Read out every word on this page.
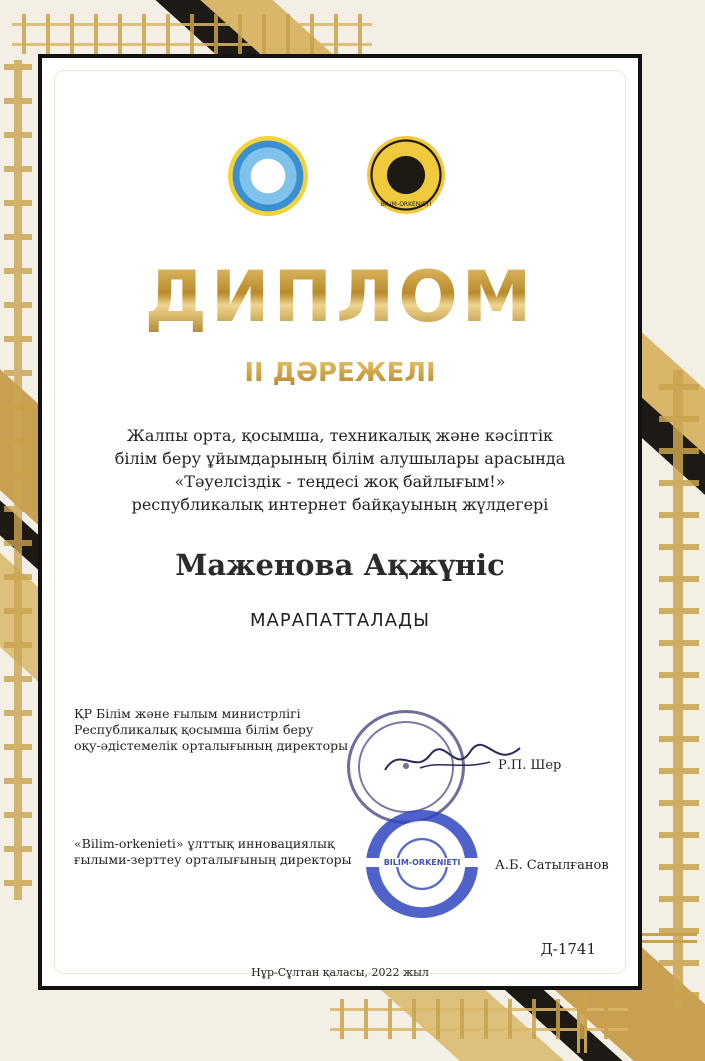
BILIM-ORKENIETI
ДИПЛОМ
II ДӘРЕЖЕЛІ
Жалпы орта, қосымша, техникалық және кәсіптік
білім беру ұйымдарының білім алушылары арасында
«Тәуелсіздік - теңдесі жоқ байлығым!»
республикалық интернет байқауының жүлдегері
Маженова Ақжүніс
МАРАПАТТАЛАДЫ
ҚР Білім және ғылым министрлігі
Республикалық қосымша білім беру
оқу-әдістемелік орталығының директоры
Р.П. Шер
●
«Bilim-orkenieti» ұлттық инновациялық
ғылыми-зерттеу орталығының директоры	А.Б. Сатылғанов
BILIM-ORKENIETI
Д-1741
Нұр-Сұлтан қаласы, 2022 жыл
